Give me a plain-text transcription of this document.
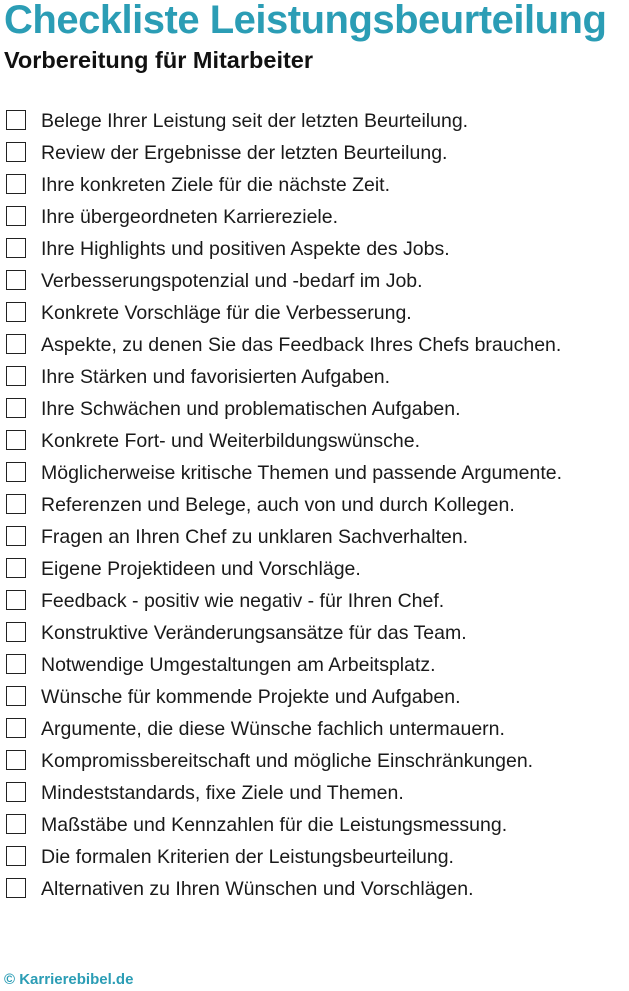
Checkliste Leistungsbeurteilung
Vorbereitung für Mitarbeiter
Belege Ihrer Leistung seit der letzten Beurteilung.
Review der Ergebnisse der letzten Beurteilung.
Ihre konkreten Ziele für die nächste Zeit.
Ihre übergeordneten Karriereziele.
Ihre Highlights und positiven Aspekte des Jobs.
Verbesserungspotenzial und -bedarf im Job.
Konkrete Vorschläge für die Verbesserung.
Aspekte, zu denen Sie das Feedback Ihres Chefs brauchen.
Ihre Stärken und favorisierten Aufgaben.
Ihre Schwächen und problematischen Aufgaben.
Konkrete Fort- und Weiterbildungswünsche.
Möglicherweise kritische Themen und passende Argumente.
Referenzen und Belege, auch von und durch Kollegen.
Fragen an Ihren Chef zu unklaren Sachverhalten.
Eigene Projektideen und Vorschläge.
Feedback - positiv wie negativ - für Ihren Chef.
Konstruktive Veränderungsansätze für das Team.
Notwendige Umgestaltungen am Arbeitsplatz.
Wünsche für kommende Projekte und Aufgaben.
Argumente, die diese Wünsche fachlich untermauern.
Kompromissbereitschaft und mögliche Einschränkungen.
Mindeststandards, fixe Ziele und Themen.
Maßstäbe und Kennzahlen für die Leistungsmessung.
Die formalen Kriterien der Leistungsbeurteilung.
Alternativen zu Ihren Wünschen und Vorschlägen.
© Karrierebibel.de
